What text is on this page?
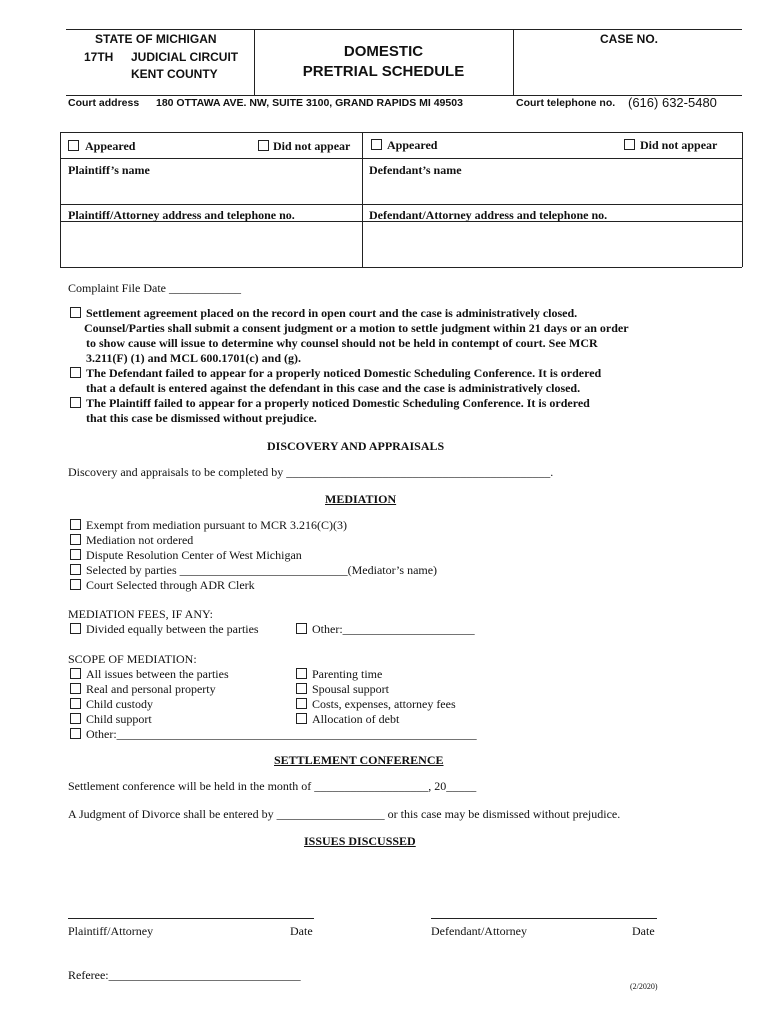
STATE OF MICHIGAN
17TH JUDICIAL CIRCUIT
KENT COUNTY
DOMESTIC
PRETRIAL SCHEDULE
CASE NO.
Court address 180 OTTAWA AVE. NW, SUITE 3100, GRAND RAPIDS MI 49503	Court telephone no. (616) 632-5480
Appeared	Did not appear	Appeared	Did not appear
Plaintiff’s name	Defendant’s name
Plaintiff/Attorney address and telephone no.	Defendant/Attorney address and telephone no.
Complaint File Date ____________
Settlement agreement placed on the record in open court and the case is administratively closed.
Counsel/Parties shall submit a consent judgment or a motion to settle judgment within 21 days or an order
to show cause will issue to determine why counsel should not be held in contempt of court. See MCR
3.211(F) (1) and MCL 600.1701(c) and (g).
The Defendant failed to appear for a properly noticed Domestic Scheduling Conference. It is ordered
that a default is entered against the defendant in this case and the case is administratively closed.
The Plaintiff failed to appear for a properly noticed Domestic Scheduling Conference. It is ordered
that this case be dismissed without prejudice.
DISCOVERY AND APPRAISALS
Discovery and appraisals to be completed by ____________________________________________.
MEDIATION
Exempt from mediation pursuant to MCR 3.216(C)(3)
Mediation not ordered
Dispute Resolution Center of West Michigan
Selected by parties ____________________________(Mediator’s name)
Court Selected through ADR Clerk
MEDIATION FEES, IF ANY:
Divided equally between the parties	Other:______________________
SCOPE OF MEDIATION:
All issues between the parties
Real and personal property
Child custody
Child support
Other:____________________________________________________________
Parenting time
Spousal support
Costs, expenses, attorney fees
Allocation of debt
SETTLEMENT CONFERENCE
Settlement conference will be held in the month of ___________________, 20_____
A Judgment of Divorce shall be entered by __________________ or this case may be dismissed without prejudice.
ISSUES DISCUSSED
Plaintiff/Attorney	Date	Defendant/Attorney	Date
Referee:________________________________
(2/2020)
